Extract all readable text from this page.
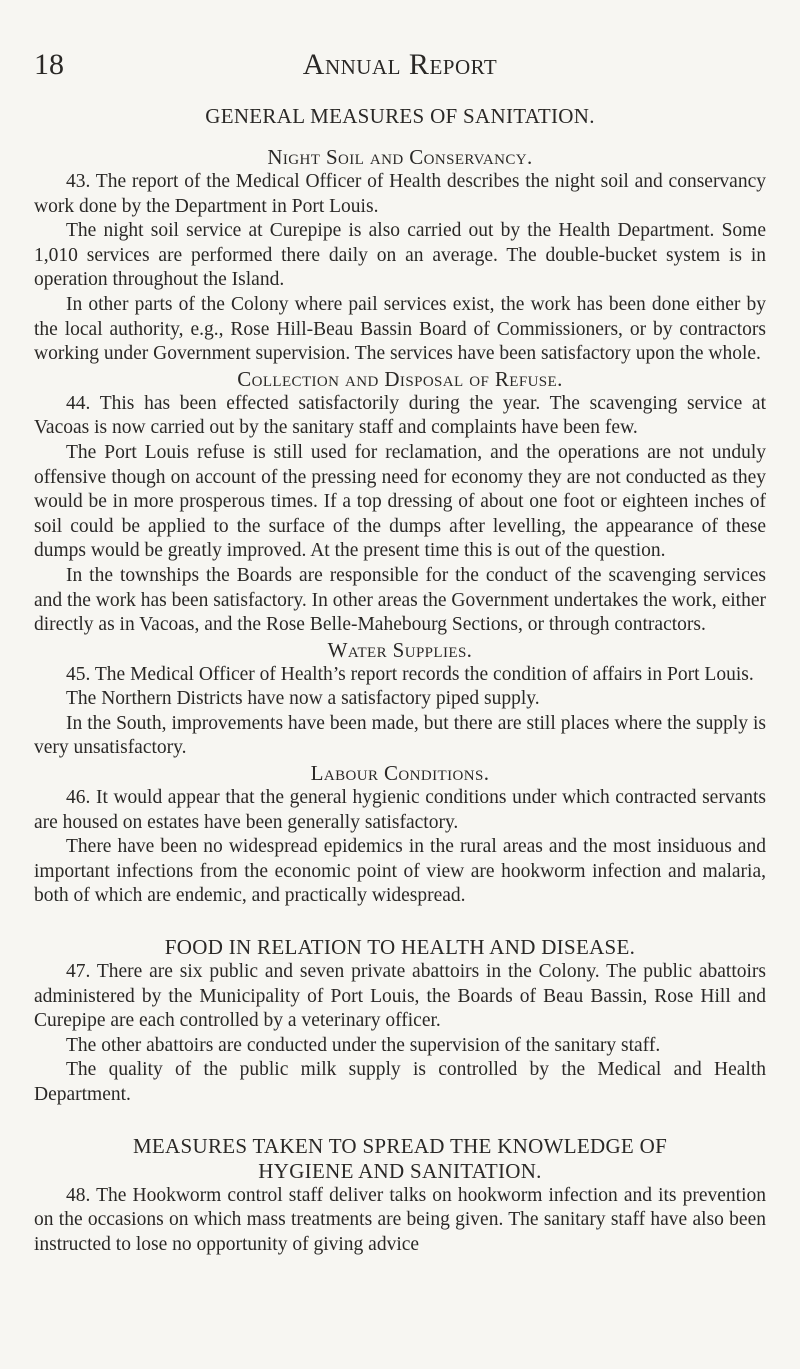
18	Annual Report
GENERAL MEASURES OF SANITATION.
Night Soil and Conservancy.

43. The report of the Medical Officer of Health describes the night soil and conservancy work done by the Department in Port Louis.

The night soil service at Curepipe is also carried out by the Health Department. Some 1,010 services are performed there daily on an average. The double-bucket system is in operation throughout the Island.

In other parts of the Colony where pail services exist, the work has been done either by the local authority, e.g., Rose Hill-Beau Bassin Board of Commissioners, or by contractors working under Government supervision. The services have been satisfactory upon the whole.

Collection and Disposal of Refuse.

44. This has been effected satisfactorily during the year. The scavenging service at Vacoas is now carried out by the sanitary staff and complaints have been few.

The Port Louis refuse is still used for reclamation, and the operations are not unduly offensive though on account of the pressing need for economy they are not conducted as they would be in more prosperous times. If a top dressing of about one foot or eighteen inches of soil could be applied to the surface of the dumps after levelling, the appearance of these dumps would be greatly improved. At the present time this is out of the question.

In the townships the Boards are responsible for the conduct of the scavenging services and the work has been satisfactory. In other areas the Government undertakes the work, either directly as in Vacoas, and the Rose Belle-Mahebourg Sections, or through contractors.

Water Supplies.

45. The Medical Officer of Health’s report records the condition of affairs in Port Louis.

The Northern Districts have now a satisfactory piped supply.

In the South, improvements have been made, but there are still places where the supply is very unsatisfactory.

Labour Conditions.

46. It would appear that the general hygienic conditions under which contracted servants are housed on estates have been generally satisfactory.

There have been no widespread epidemics in the rural areas and the most insiduous and important infections from the economic point of view are hookworm infection and malaria, both of which are endemic, and practically widespread.

FOOD IN RELATION TO HEALTH AND DISEASE.

47. There are six public and seven private abattoirs in the Colony. The public abattoirs administered by the Municipality of Port Louis, the Boards of Beau Bassin, Rose Hill and Curepipe are each controlled by a veterinary officer.

The other abattoirs are conducted under the supervision of the sanitary staff.

The quality of the public milk supply is controlled by the Medical and Health Department.

MEASURES TAKEN TO SPREAD THE KNOWLEDGE OF
HYGIENE AND SANITATION.

48. The Hookworm control staff deliver talks on hookworm infection and its prevention on the occasions on which mass treatments are being given. The sanitary staff have also been instructed to lose no opportunity of giving advice
